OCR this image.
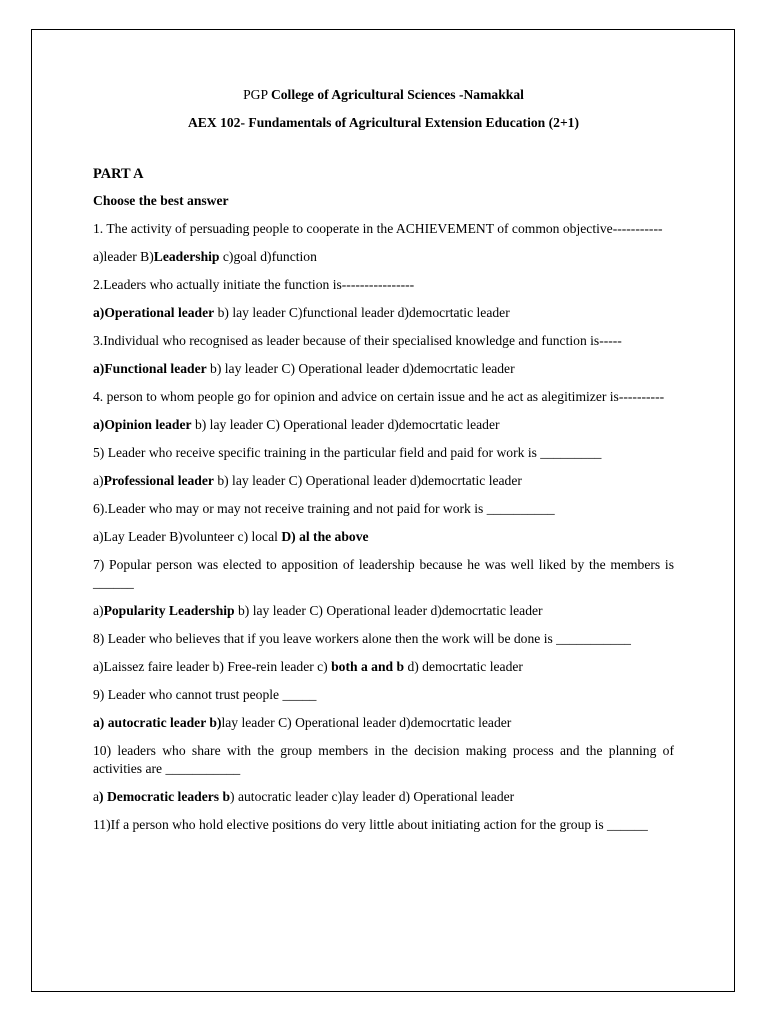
PGP College of Agricultural Sciences -Namakkal

AEX 102- Fundamentals of Agricultural Extension Education (2+1)

PART A

Choose the best answer

1. The activity of persuading people to cooperate in the ACHIEVEMENT of common objective-----------

a)leader B)Leadership c)goal d)function

2.Leaders who actually initiate the function is----------------

a)Operational leader b) lay leader C)functional leader d)democrtatic leader

3.Individual who recognised as leader because of their specialised knowledge and function is-----

a)Functional leader b) lay leader C) Operational leader d)democrtatic leader

4. person to whom people go for opinion and advice on certain issue and he act as alegitimizer is----------

a)Opinion leader b) lay leader C) Operational leader d)democrtatic leader

5) Leader who receive specific training in the particular field and paid for work is _________

a)Professional leader b) lay leader C) Operational leader d)democrtatic leader

6).Leader who may or may not receive training and not paid for work is __________

a)Lay Leader B)volunteer c) local D) al the above

7) Popular person was elected to apposition of leadership because he was well liked by the members is ______

a)Popularity Leadership b) lay leader C) Operational leader d)democrtatic leader

8) Leader who believes that if you leave workers alone then the work will be done is ___________

a)Laissez faire leader b) Free-rein leader c) both a and b d) democrtatic leader

9) Leader who cannot trust people _____

a) autocratic leader b)lay leader C) Operational leader d)democrtatic leader

10) leaders who share with the group members in the decision making process and the planning of activities are ___________

a) Democratic leaders b) autocratic leader c)lay leader d) Operational leader

11)If a person who hold elective positions do very little about initiating action for the group is ______
